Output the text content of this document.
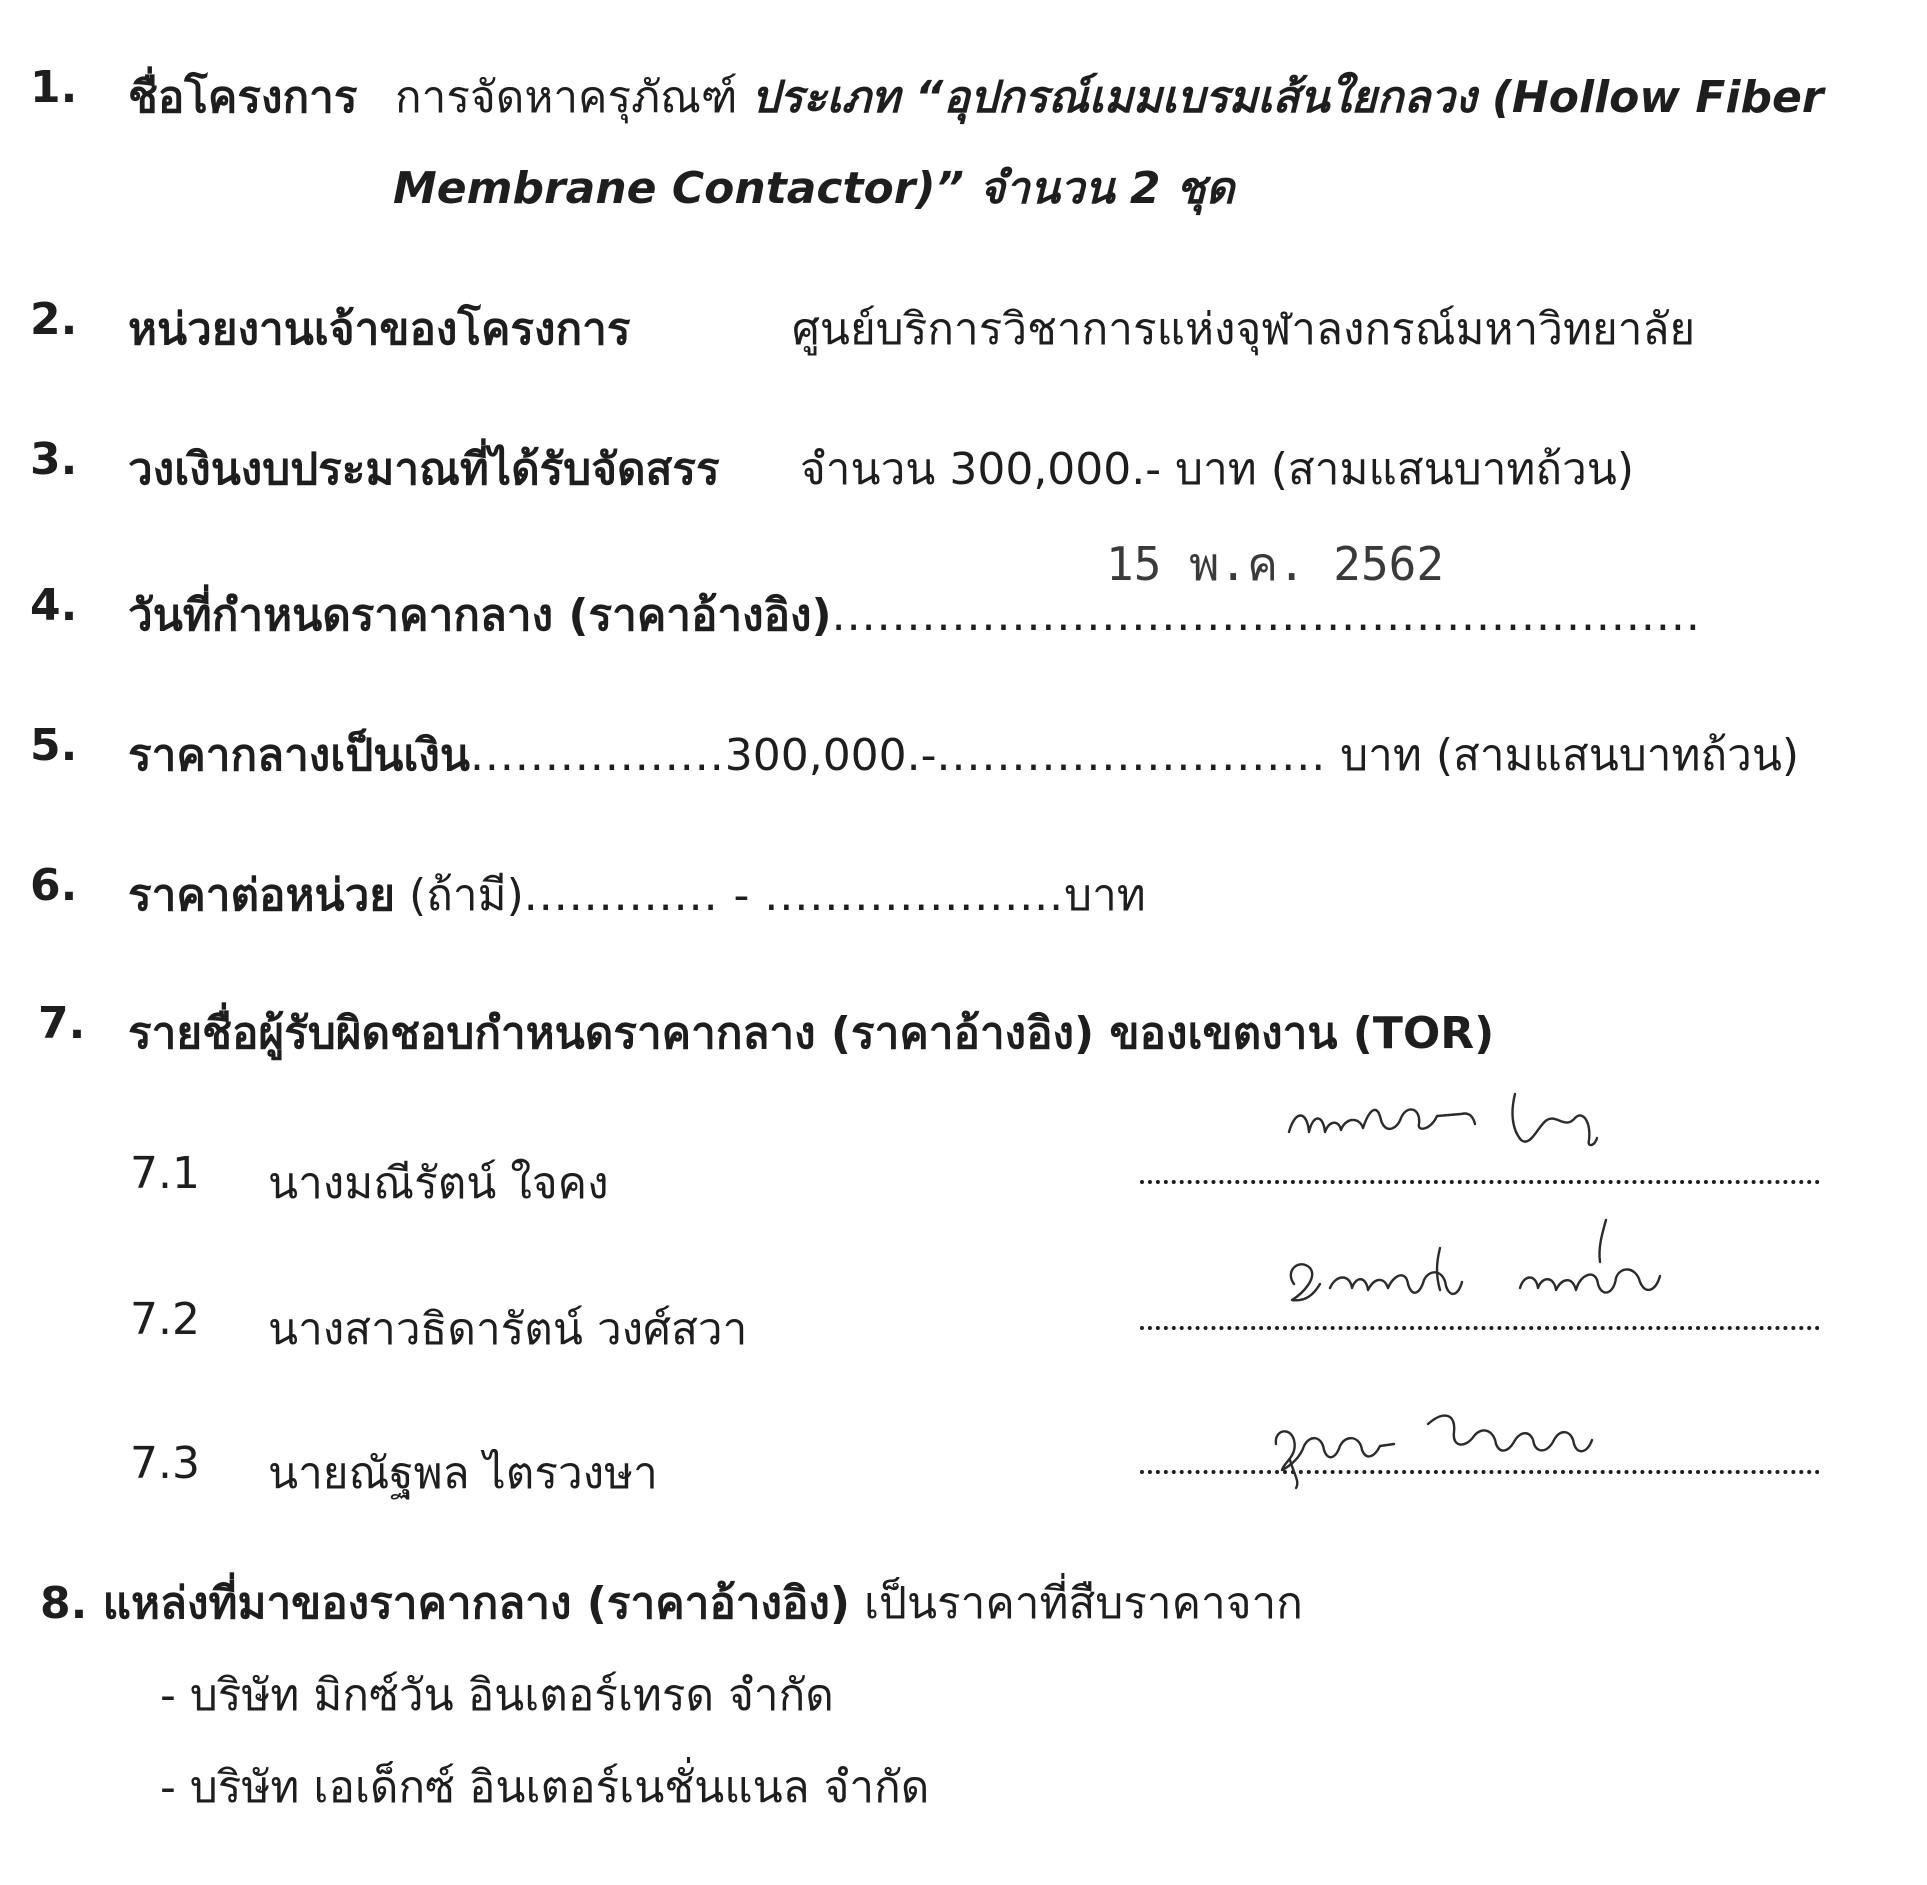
1. ชื่อโครงการ การจัดหาครุภัณฑ์ ประเภท “อุปกรณ์เมมเบรมเส้นใยกลวง (Hollow Fiber
Membrane Contactor)” จำนวน 2 ชุด
2. หน่วยงานเจ้าของโครงการ	ศูนย์บริการวิชาการแห่งจุฬาลงกรณ์มหาวิทยาลัย
3. วงเงินงบประมาณที่ได้รับจัดสรร จำนวน 300,000.- บาท (สามแสนบาทถ้วน)
15 พ.ค. 2562
4. วันที่กำหนดราคากลาง (ราคาอ้างอิง)..........................................................
5. ราคากลางเป็นเงิน.................300,000.-.......................... บาท (สามแสนบาทถ้วน)
6. ราคาต่อหน่วย (ถ้ามี)............. - ....................บาท
7. รายชื่อผู้รับผิดชอบกำหนดราคากลาง (ราคาอ้างอิง) ของเขตงาน (TOR)
7.1 นางมณีรัตน์ ใจคง
7.2 นางสาวธิดารัตน์ วงศ์สวา
7.3 นายณัฐพล ไตรวงษา
8. แหล่งที่มาของราคากลาง (ราคาอ้างอิง) เป็นราคาที่สืบราคาจาก
- บริษัท มิกซ์วัน อินเตอร์เทรด จำกัด
- บริษัท เอเด็กซ์ อินเตอร์เนชั่นแนล จำกัด
